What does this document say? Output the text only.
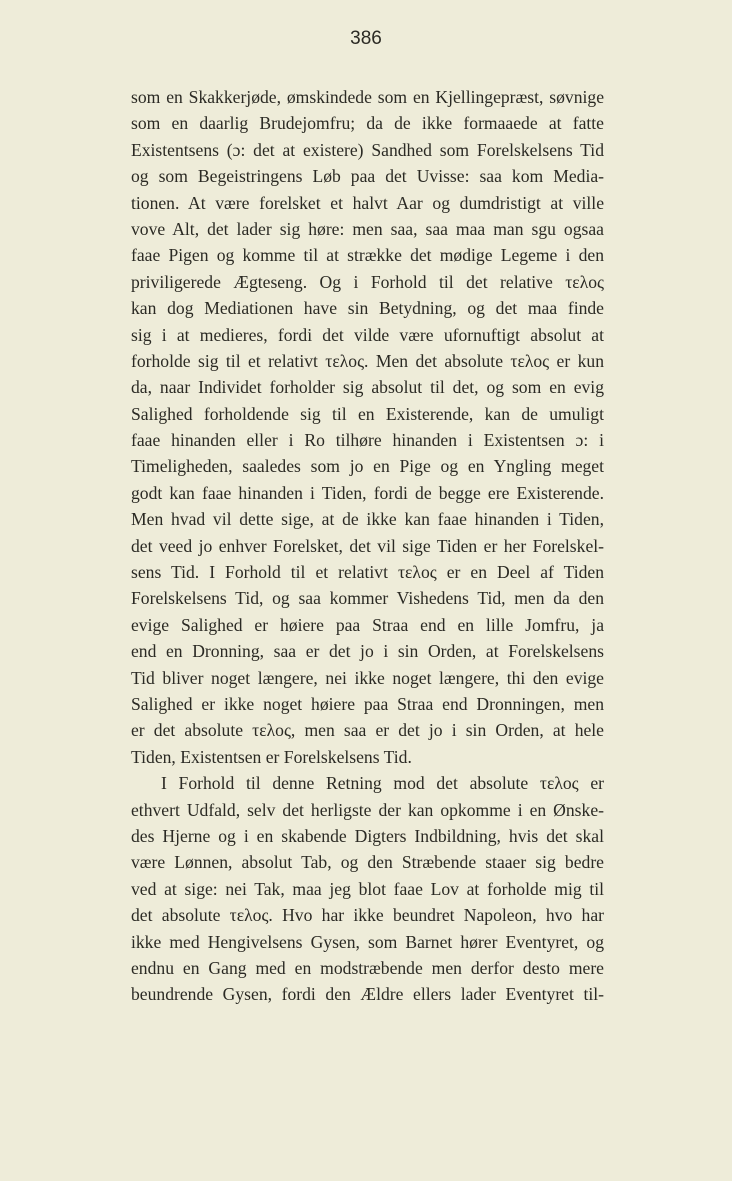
386
som en Skakkerjøde, ømskindede som en Kjellingepræst, søvnige
som en daarlig Brudejomfru; da de ikke formaaede at fatte
Existentsens (ɔ: det at existere) Sandhed som Forelskelsens Tid
og som Begeistringens Løb paa det Uvisse: saa kom Media-
tionen. At være forelsket et halvt Aar og dumdristigt at ville
vove Alt, det lader sig høre: men saa, saa maa man sgu ogsaa
faae Pigen og komme til at strække det mødige Legeme i den
priviligerede Ægteseng. Og i Forhold til det relative τελος
kan dog Mediationen have sin Betydning, og det maa finde
sig i at medieres, fordi det vilde være ufornuftigt absolut at
forholde sig til et relativt τελος. Men det absolute τελος er kun
da, naar Individet forholder sig absolut til det, og som en evig
Salighed forholdende sig til en Existerende, kan de umuligt
faae hinanden eller i Ro tilhøre hinanden i Existentsen ɔ: i
Timeligheden, saaledes som jo en Pige og en Yngling meget
godt kan faae hinanden i Tiden, fordi de begge ere Existerende.
Men hvad vil dette sige, at de ikke kan faae hinanden i Tiden,
det veed jo enhver Forelsket, det vil sige Tiden er her Forelskel-
sens Tid. I Forhold til et relativt τελος er en Deel af Tiden
Forelskelsens Tid, og saa kommer Vishedens Tid, men da den
evige Salighed er høiere paa Straa end en lille Jomfru, ja
end en Dronning, saa er det jo i sin Orden, at Forelskelsens
Tid bliver noget længere, nei ikke noget længere, thi den evige
Salighed er ikke noget høiere paa Straa end Dronningen, men
er det absolute τελος, men saa er det jo i sin Orden, at hele
Tiden, Existentsen er Forelskelsens Tid.
I Forhold til denne Retning mod det absolute τελος er
ethvert Udfald, selv det herligste der kan opkomme i en Ønske-
des Hjerne og i en skabende Digters Indbildning, hvis det skal
være Lønnen, absolut Tab, og den Stræbende staaer sig bedre
ved at sige: nei Tak, maa jeg blot faae Lov at forholde mig til
det absolute τελος. Hvo har ikke beundret Napoleon, hvo har
ikke med Hengivelsens Gysen, som Barnet hører Eventyret, og
endnu en Gang med en modstræbende men derfor desto mere
beundrende Gysen, fordi den Ældre ellers lader Eventyret til-
